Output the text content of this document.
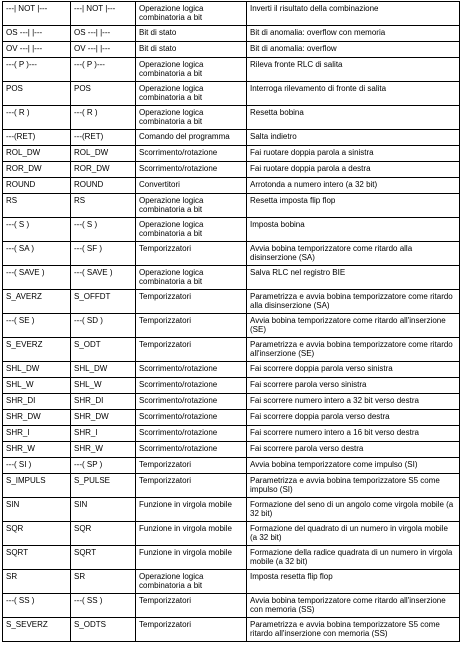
---| NOT |---	---| NOT |---	Operazione logica combinatoria a bit	Inverti il risultato della combinazione
OS ---| |---	OS ---| |---	Bit di stato	Bit di anomalia: overflow con memoria
OV ---| |---	OV ---| |---	Bit di stato	Bit di anomalia: overflow
---( P )---	---( P )---	Operazione logica combinatoria a bit	Rileva fronte RLC di salita
POS	POS	Operazione logica combinatoria a bit	Interroga rilevamento di fronte di salita
---( R )	---( R )	Operazione logica combinatoria a bit	Resetta bobina
---(RET)	---(RET)	Comando del programma	Salta indietro
ROL_DW	ROL_DW	Scorrimento/rotazione	Fai ruotare doppia parola a sinistra
ROR_DW	ROR_DW	Scorrimento/rotazione	Fai ruotare doppia parola a destra
ROUND	ROUND	Convertitori	Arrotonda a numero intero (a 32 bit)
RS	RS	Operazione logica combinatoria a bit	Resetta imposta flip flop
---( S )	---( S )	Operazione logica combinatoria a bit	Imposta bobina
---( SA )	---( SF )	Temporizzatori	Avvia bobina temporizzatore come ritardo alla disinserzione (SA)
---( SAVE )	---( SAVE )	Operazione logica combinatoria a bit	Salva RLC nel registro BIE
S_AVERZ	S_OFFDT	Temporizzatori	Parametrizza e avvia bobina temporizzatore come ritardo alla disinserzione (SA)
---( SE )	---( SD )	Temporizzatori	Avvia bobina temporizzatore come ritardo all'inserzione (SE)
S_EVERZ	S_ODT	Temporizzatori	Parametrizza e avvia bobina temporizzatore come ritardo all'inserzione (SE)
SHL_DW	SHL_DW	Scorrimento/rotazione	Fai scorrere doppia parola verso sinistra
SHL_W	SHL_W	Scorrimento/rotazione	Fai scorrere parola verso sinistra
SHR_DI	SHR_DI	Scorrimento/rotazione	Fai scorrere numero intero a 32 bit verso destra
SHR_DW	SHR_DW	Scorrimento/rotazione	Fai scorrere doppia parola verso destra
SHR_I	SHR_I	Scorrimento/rotazione	Fai scorrere numero intero a 16 bit verso destra
SHR_W	SHR_W	Scorrimento/rotazione	Fai scorrere parola verso destra
---( SI )	---( SP )	Temporizzatori	Avvia bobina temporizzatore come impulso (SI)
S_IMPULS	S_PULSE	Temporizzatori	Parametrizza e avvia bobina temporizzatore S5 come impulso (SI)
SIN	SIN	Funzione in virgola mobile	Formazione del seno di un angolo come virgola mobile (a 32 bit)
SQR	SQR	Funzione in virgola mobile	Formazione del quadrato di un numero in virgola mobile (a 32 bit)
SQRT	SQRT	Funzione in virgola mobile	Formazione della radice quadrata di un numero in virgola mobile (a 32 bit)
SR	SR	Operazione logica combinatoria a bit	Imposta resetta flip flop
---( SS )	---( SS )	Temporizzatori	Avvia bobina temporizzatore come ritardo all'inserzione con memoria (SS)
S_SEVERZ	S_ODTS	Temporizzatori	Parametrizza e avvia bobina temporizzatore S5 come ritardo all'inserzione con memoria (SS)
